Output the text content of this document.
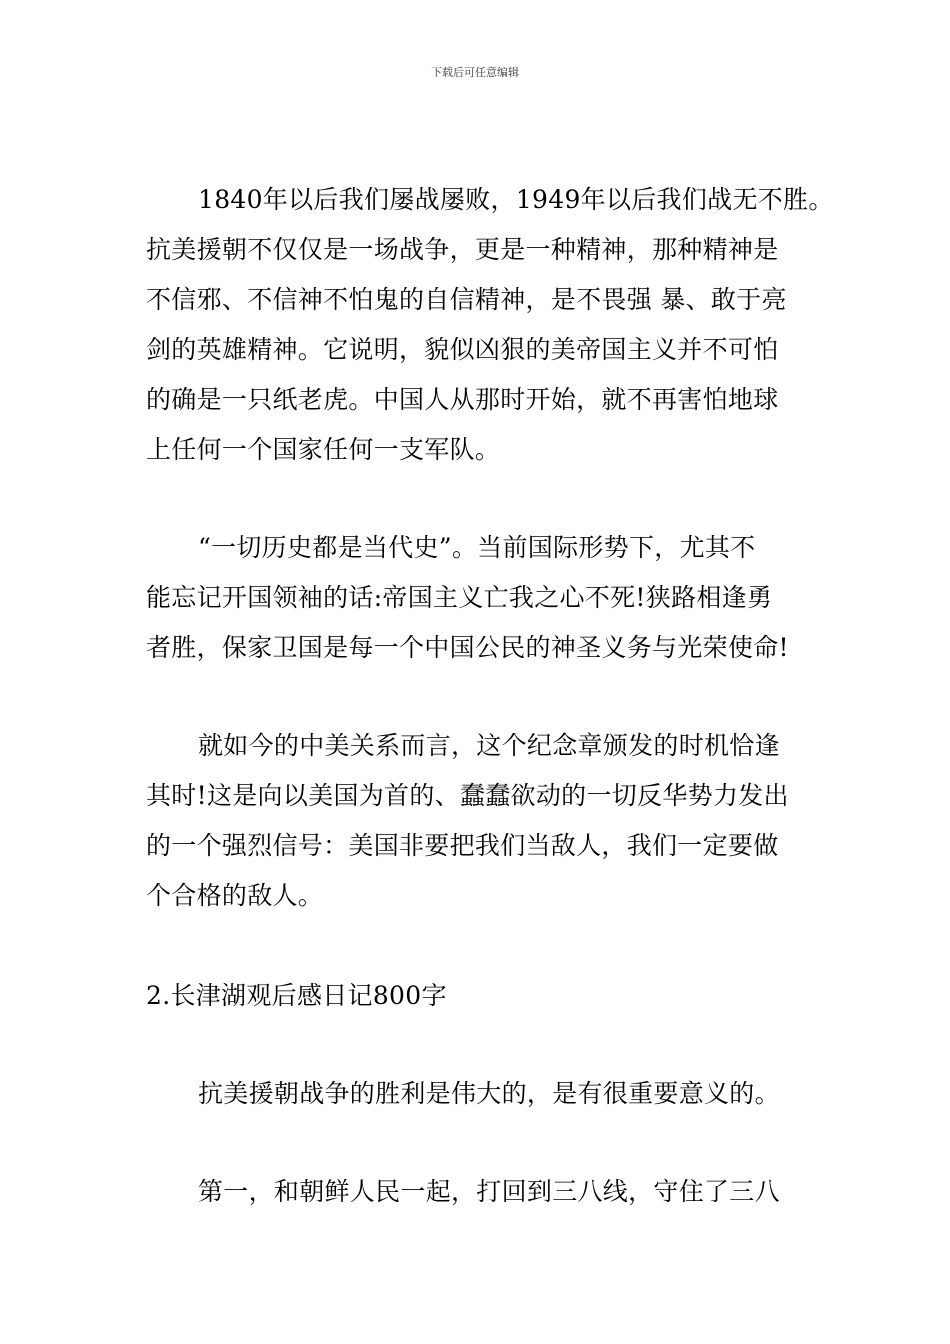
下载后可任意编辑
1840年以后我们屡战屡败，1949年以后我们战无不胜。
抗美援朝不仅仅是一场战争，更是一种精神，那种精神是
不信邪、不信神不怕鬼的自信精神，是不畏强 暴、敢于亮
剑的英雄精神。它说明，貌似凶狠的美帝国主义并不可怕
的确是一只纸老虎。中国人从那时开始，就不再害怕地球
上任何一个国家任何一支军队。
“一切历史都是当代史”。当前国际形势下，尤其不
能忘记开国领袖的话:帝国主义亡我之心不死!狭路相逢勇
者胜，保家卫国是每一个中国公民的神圣义务与光荣使命!
就如今的中美关系而言，这个纪念章颁发的时机恰逢
其时!这是向以美国为首的、蠢蠢欲动的一切反华势力发出
的一个强烈信号：美国非要把我们当敌人，我们一定要做
个合格的敌人。
2.长津湖观后感日记800字
抗美援朝战争的胜利是伟大的，是有很重要意义的。
第一，和朝鲜人民一起，打回到三八线，守住了三八
